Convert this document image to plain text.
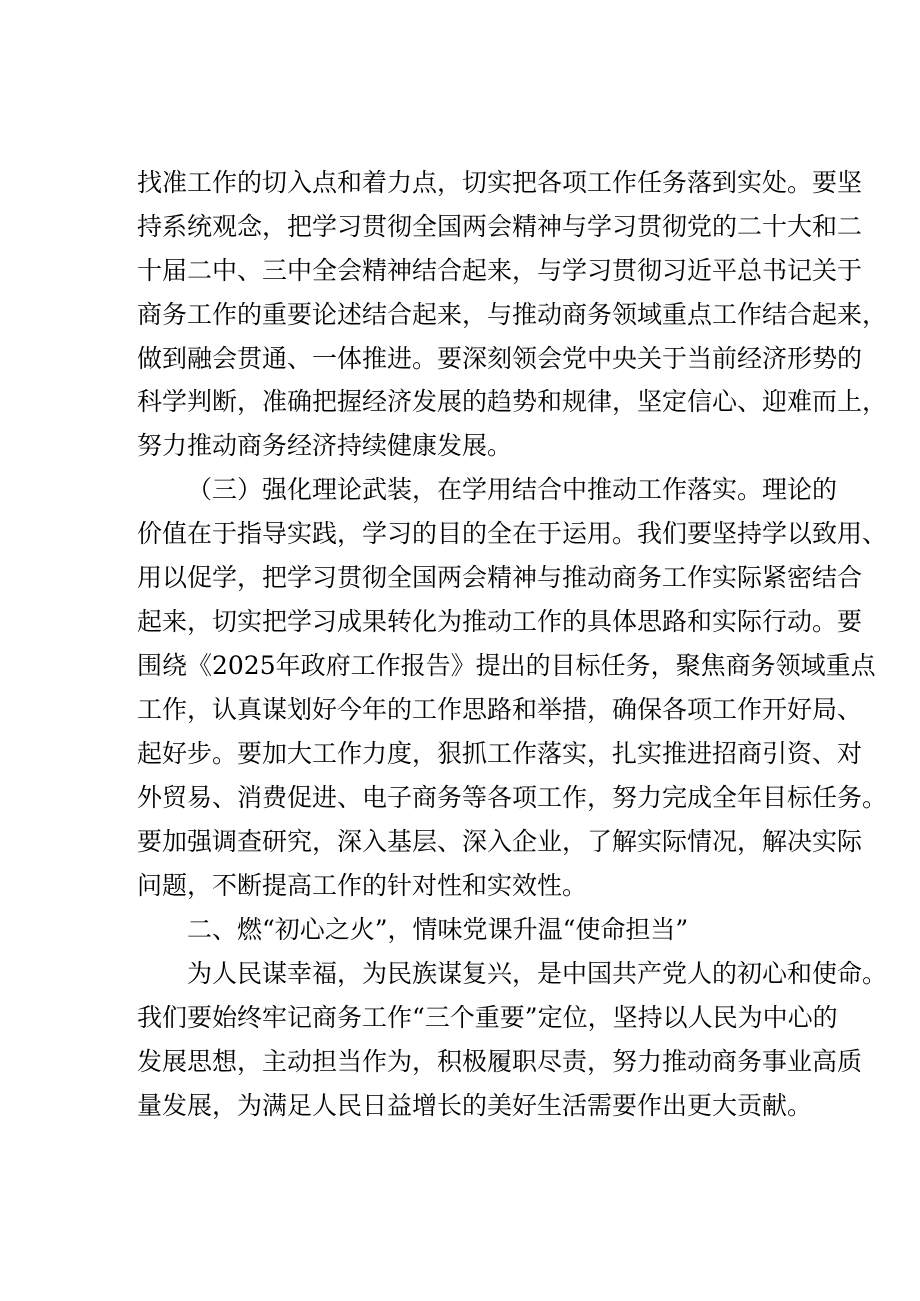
找准工作的切入点和着力点，切实把各项工作任务落到实处。要坚
持系统观念，把学习贯彻全国两会精神与学习贯彻党的二十大和二
十届二中、三中全会精神结合起来，与学习贯彻习近平总书记关于
商务工作的重要论述结合起来，与推动商务领域重点工作结合起来，
做到融会贯通、一体推进。要深刻领会党中央关于当前经济形势的
科学判断，准确把握经济发展的趋势和规律，坚定信心、迎难而上，
努力推动商务经济持续健康发展。
（三）强化理论武装，在学用结合中推动工作落实。理论的
价值在于指导实践，学习的目的全在于运用。我们要坚持学以致用、
用以促学，把学习贯彻全国两会精神与推动商务工作实际紧密结合
起来，切实把学习成果转化为推动工作的具体思路和实际行动。要
围绕《2025年政府工作报告》提出的目标任务，聚焦商务领域重点
工作，认真谋划好今年的工作思路和举措，确保各项工作开好局、
起好步。要加大工作力度，狠抓工作落实，扎实推进招商引资、对
外贸易、消费促进、电子商务等各项工作，努力完成全年目标任务。
要加强调查研究，深入基层、深入企业，了解实际情况，解决实际
问题，不断提高工作的针对性和实效性。
二、燃“初心之火”，情味党课升温“使命担当”
为人民谋幸福，为民族谋复兴，是中国共产党人的初心和使命。
我们要始终牢记商务工作“三个重要”定位，坚持以人民为中心的
发展思想，主动担当作为，积极履职尽责，努力推动商务事业高质
量发展，为满足人民日益增长的美好生活需要作出更大贡献。
